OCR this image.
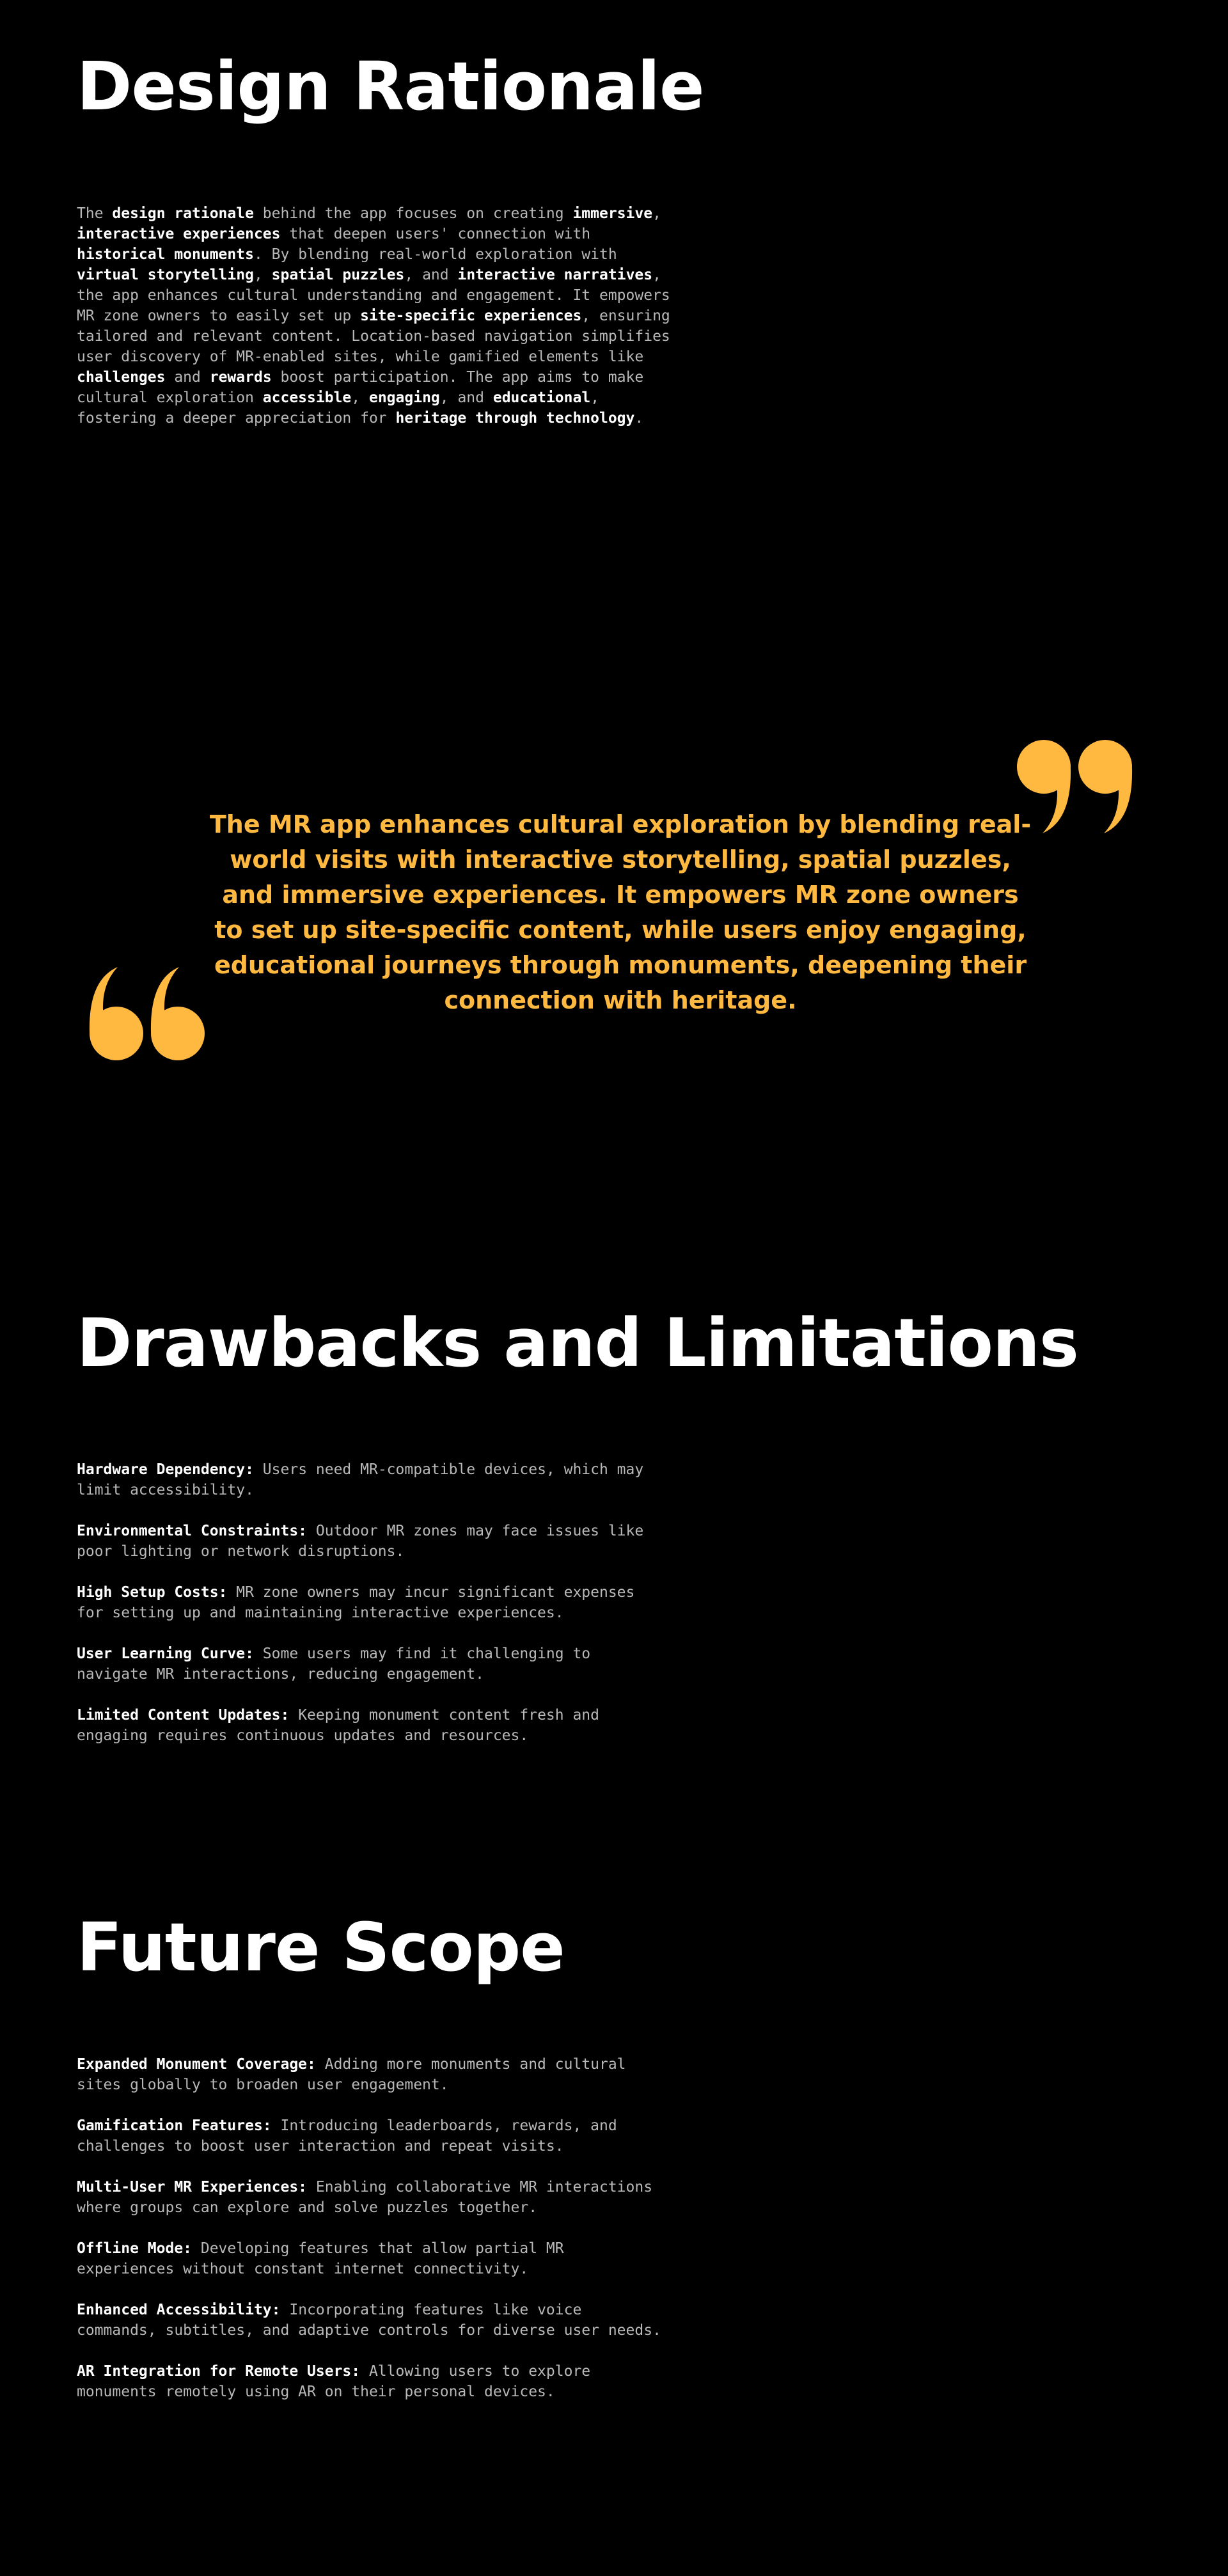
Design Rationale

The design rationale behind the app focuses on creating immersive, interactive experiences that deepen users' connection with historical monuments. By blending real-world exploration with virtual storytelling, spatial puzzles, and interactive narratives, the app enhances cultural understanding and engagement. It empowers MR zone owners to easily set up site-specific experiences, ensuring tailored and relevant content. Location-based navigation simplifies user discovery of MR-enabled sites, while gamified elements like challenges and rewards boost participation. The app aims to make cultural exploration accessible, engaging, and educational, fostering a deeper appreciation for heritage through technology.

The MR app enhances cultural exploration by blending real-world visits with interactive storytelling, spatial puzzles, and immersive experiences. It empowers MR zone owners to set up site-specific content, while users enjoy engaging, educational journeys through monuments, deepening their connection with heritage.

Drawbacks and Limitations
Hardware Dependency: Users need MR-compatible devices, which may limit accessibility.
Environmental Constraints: Outdoor MR zones may face issues like poor lighting or network disruptions.
High Setup Costs: MR zone owners may incur significant expenses for setting up and maintaining interactive experiences.
User Learning Curve: Some users may find it challenging to navigate MR interactions, reducing engagement.
Limited Content Updates: Keeping monument content fresh and engaging requires continuous updates and resources.
Future Scope
Expanded Monument Coverage: Adding more monuments and cultural sites globally to broaden user engagement.
Gamification Features: Introducing leaderboards, rewards, and challenges to boost user interaction and repeat visits.
Multi-User MR Experiences: Enabling collaborative MR interactions where groups can explore and solve puzzles together.
Offline Mode: Developing features that allow partial MR experiences without constant internet connectivity.
Enhanced Accessibility: Incorporating features like voice commands, subtitles, and adaptive controls for diverse user needs.
AR Integration for Remote Users: Allowing users to explore monuments remotely using AR on their personal devices.
